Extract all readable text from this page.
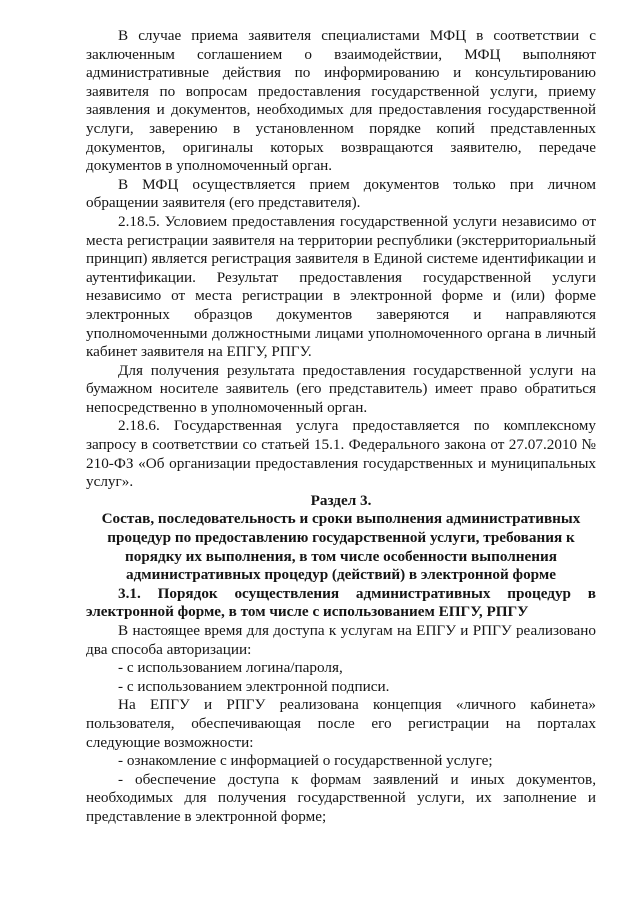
В случае приема заявителя специалистами МФЦ в соответствии с заключенным соглашением о взаимодействии, МФЦ выполняют административные действия по информированию и консультированию заявителя по вопросам предоставления государственной услуги, приему заявления и документов, необходимых для предоставления государственной услуги, заверению в установленном порядке копий представленных документов, оригиналы которых возвращаются заявителю, передаче документов в уполномоченный орган.

В МФЦ осуществляется прием документов только при личном обращении заявителя (его представителя).

2.18.5. Условием предоставления государственной услуги независимо от места регистрации заявителя на территории республики (экстерриториальный принцип) является регистрация заявителя в Единой системе идентификации и аутентификации. Результат предоставления государственной услуги независимо от места регистрации в электронной форме и (или) форме электронных образцов документов заверяются и направляются уполномоченными должностными лицами уполномоченного органа в личный кабинет заявителя на ЕПГУ, РПГУ.

Для получения результата предоставления государственной услуги на бумажном носителе заявитель (его представитель) имеет право обратиться непосредственно в уполномоченный орган.

2.18.6. Государственная услуга предоставляется по комплексному запросу в соответствии со статьей 15.1. Федерального закона от 27.07.2010 № 210-ФЗ «Об организации предоставления государственных и муниципальных услуг».

Раздел 3.

Состав, последовательность и сроки выполнения административных процедур по предоставлению государственной услуги, требования к порядку их выполнения, в том числе особенности выполнения административных процедур (действий) в электронной форме

3.1. Порядок осуществления административных процедур в электронной форме, в том числе с использованием ЕПГУ, РПГУ

В настоящее время для доступа к услугам на ЕПГУ и РПГУ реализовано два способа авторизации:

- с использованием логина/пароля,

- с использованием электронной подписи.

На ЕПГУ и РПГУ реализована концепция «личного кабинета» пользователя, обеспечивающая после его регистрации на порталах следующие возможности:

- ознакомление с информацией о государственной услуге;

- обеспечение доступа к формам заявлений и иных документов, необходимых для получения государственной услуги, их заполнение и представление в электронной форме;
